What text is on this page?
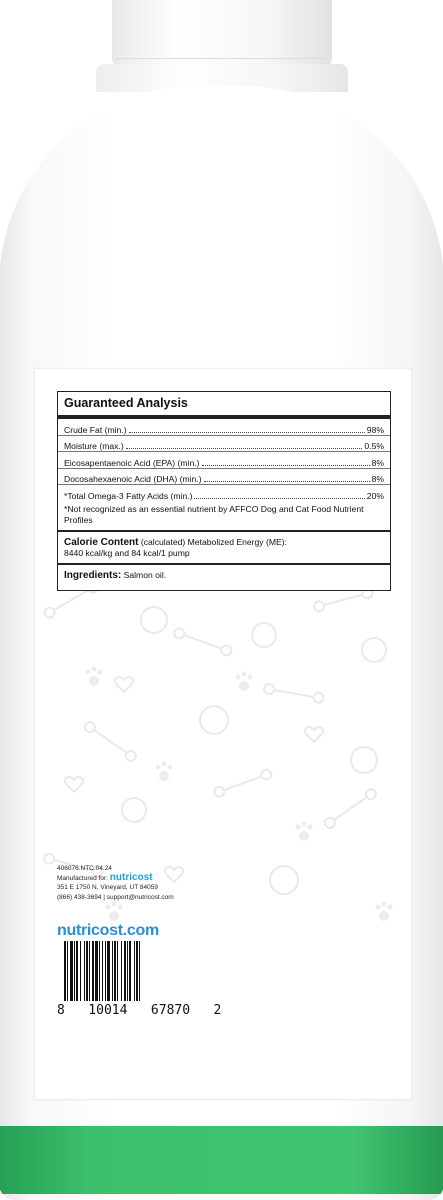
Guaranteed Analysis
Crude Fat (min.)	98%
Moisture (max.)	0.5%
Eicosapentaenoic Acid (EPA) (min.)	8%
Docosahexaenoic Acid (DHA) (min.)	8%
*Total Omega-3 Fatty Acids (min.)	20%
*Not recognized as an essential nutrient by AFFCO Dog and Cat Food Nutrient Profiles
Calorie Content (calculated) Metabolized Energy (ME):
8440 kcal/kg and 84 kcal/1 pump
Ingredients: Salmon oil.
406076.NTC.04.24
Manufactured for: nutricost
351 E 1750 N, Vineyard, UT 84059
(866) 438-3694 | support@nutricost.com
nutricost.com
8   10014   67870   2
